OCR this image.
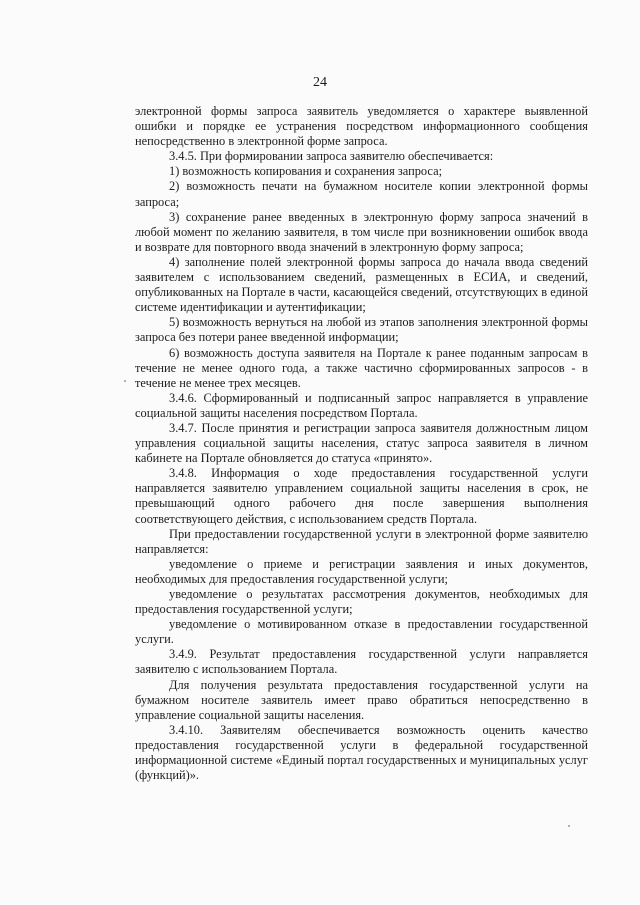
24

электронной формы запроса заявитель уведомляется о характере выявленной ошибки и порядке ее устранения посредством информационного сообщения непосредственно в электронной форме запроса.

3.4.5. При формировании запроса заявителю обеспечивается:

1) возможность копирования и сохранения запроса;

2) возможность печати на бумажном носителе копии электронной формы запроса;

3) сохранение ранее введенных в электронную форму запроса значений в любой момент по желанию заявителя, в том числе при возникновении ошибок ввода и возврате для повторного ввода значений в электронную форму запроса;

4) заполнение полей электронной формы запроса до начала ввода сведений заявителем с использованием сведений, размещенных в ЕСИА, и сведений, опубликованных на Портале в части, касающейся сведений, отсутствующих в единой системе идентификации и аутентификации;

5) возможность вернуться на любой из этапов заполнения электронной формы запроса без потери ранее введенной информации;

6) возможность доступа заявителя на Портале к ранее поданным запросам в течение не менее одного года, а также частично сформированных запросов - в течение не менее трех месяцев.

3.4.6. Сформированный и подписанный запрос направляется в управление социальной защиты населения посредством Портала.

3.4.7. После принятия и регистрации запроса заявителя должностным лицом управления социальной защиты населения, статус запроса заявителя в личном кабинете на Портале обновляется до статуса «принято».

3.4.8. Информация о ходе предоставления государственной услуги направляется заявителю управлением социальной защиты населения в срок, не превышающий одного рабочего дня после завершения выполнения соответствующего действия, с использованием средств Портала.

При предоставлении государственной услуги в электронной форме заявителю направляется:

уведомление о приеме и регистрации заявления и иных документов, необходимых для предоставления государственной услуги;

уведомление о результатах рассмотрения документов, необходимых для предоставления государственной услуги;

уведомление о мотивированном отказе в предоставлении государственной услуги.

3.4.9. Результат предоставления государственной услуги направляется заявителю с использованием Портала.

Для получения результата предоставления государственной услуги на бумажном носителе заявитель имеет право обратиться непосредственно в управление социальной защиты населения.

3.4.10. Заявителям обеспечивается возможность оценить качество предоставления государственной услуги в федеральной государственной информационной системе «Единый портал государственных и муниципальных услуг (функций)».
